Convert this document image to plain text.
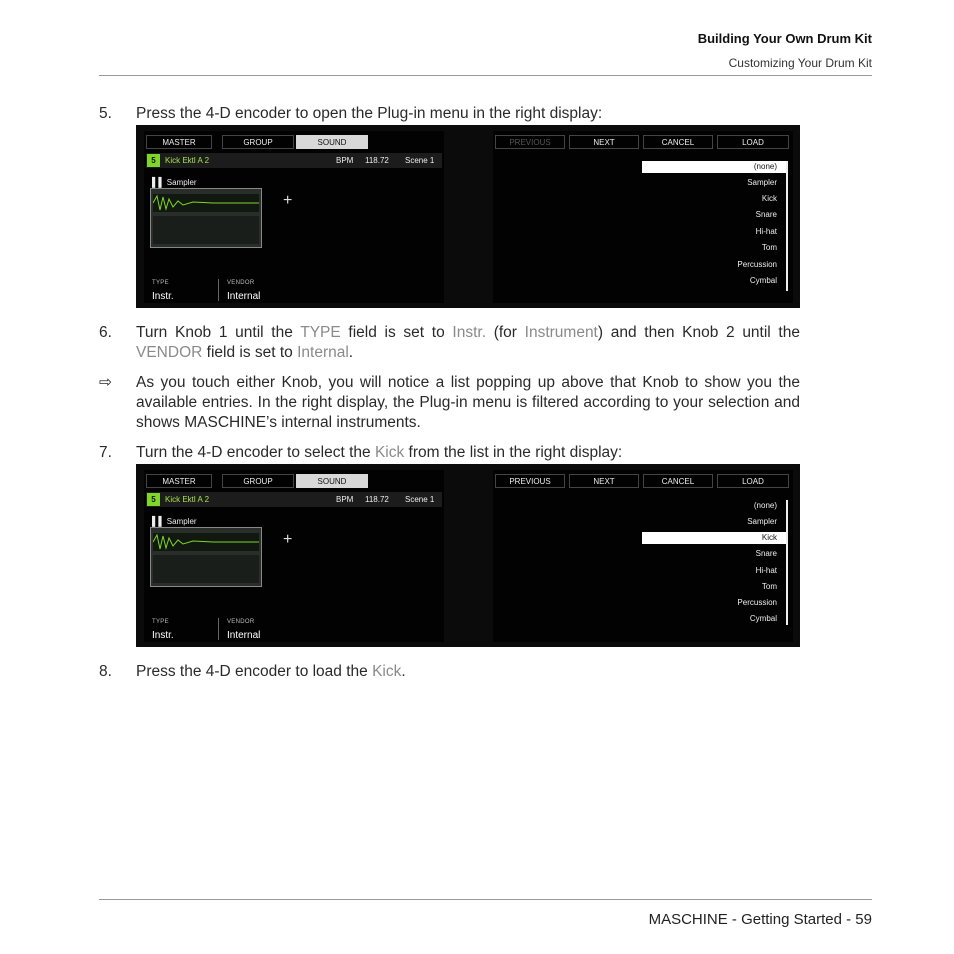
Building Your Own Drum Kit
Customizing Your Drum Kit
5. Press the 4-D encoder to open the Plug-in menu in the right display:
MASTER	GROUP	SOUND
5	Kick Ektl A 2	BPM 118.72 Scene 1
▌▌ Sampler
+
TYPE
Instr.
VENDOR
Internal
PREVIOUS	NEXT	CANCEL	LOAD
(none)
Sampler
Kick
Snare
Hi-hat
Tom
Percussion
Cymbal
6. Turn Knob 1 until the TYPE field is set to Instr. (for Instrument) and then Knob 2 until the VENDOR field is set to Internal.
⇨ As you touch either Knob, you will notice a list popping up above that Knob to show you the available entries. In the right display, the Plug-in menu is filtered according to your selection and shows MASCHINE’s internal instruments.
7. Turn the 4-D encoder to select the Kick from the list in the right display:
MASTER	GROUP	SOUND
5	Kick Ektl A 2	BPM 118.72 Scene 1
▌▌ Sampler
+
TYPE
Instr.
VENDOR
Internal
PREVIOUS	NEXT	CANCEL	LOAD
(none)
Sampler
Kick
Snare
Hi-hat
Tom
Percussion
Cymbal
8. Press the 4-D encoder to load the Kick.
MASCHINE - Getting Started - 59
